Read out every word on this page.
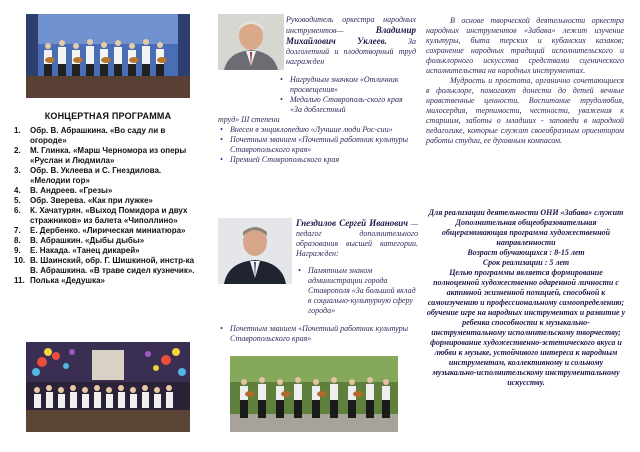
КОНЦЕРТНАЯ ПРОГРАММА
1.	Обр. В. Абрашкина. «Во саду ли в огороде»
2.	М. Глинка. «Марш Черномора из оперы «Руслан и Людмила»
3.	Обр. В. Уклеева и С. Гнездилова. «Мелодии гор»
4.	В. Андреев. «Грезы»
5.	Обр. Зверева. «Как при лужке»
6.	К. Хачатурян. «Выход Помидора и двух стражников» из балета «Чиполлино»
7.	Е. Дербенко. «Лирическая миниатюра»
8.	В. Абрашкин. «Дыбы дыбы»
9.	Е. Накада. «Танец дикарей»
10. В. Шаинский, обр. Г. Шишкиной, инстр-ка В. Абрашкина. «В траве сидел кузнечик».
11. Полька «Дедушка»
Руководитель оркестра народных инструментов—	Владимир Михайлович Уклеев.	За долголетний и плодотворный труд награжден
• Нагрудным значком «Отличник просвещения»
• Медалью Ставрополь-ского края «За доблестный
труд» III степени
• Внесен в энциклопедию «Лучшие люди Рос-сии»
• Почетным званием «Почетный работник культуры Ставропольского края»
• Премией Ставропольского края
Гнездилов Сергей Иванович — педагог дополнительного образования высшей категории. Награжден:
• Памятным знаком администрации города Ставрополя «За большой вклад в социально-культурную сферу города»
• Почетным званием «Почетный работник культуры Ставропольского края»

В основе творческой деятельности оркестра народных инструментов «Забава» лежит изучение культуры, быта терских и кубанских казаков; сохранение народных традиций исполнительского и фольклорного искусства средствами сценического исполнительства на народных инструментах.

Мудрость и простота, органично сочетающиеся в фольклоре, помогают донести до детей вечные нравственные ценности. Воспитание трудолюбия, милосердия, терпимости, честности, уважения к старшим, заботы о младших - заповеди в народной педагогике, которые служат своеобразным ориентиром работы студии, ее духовным компасом.

Для реализации деятельности ОНИ «Забава» служит
Дополнительная общеобразовательная общеразвивающая программа художественной направленности
Возраст обучающихся : 8-15 лет
Срок реализации : 5 лет
Целью программы является формирование полноценной художественно одаренной личности с активной жизненной позицией, способной к самоизучению и профессиональному самоопределению; обучение игре на народных инструментах и развитие у ребенка способности к музыкально-инструментальному исполнительскому творчеству; формирование художественно-эстетического вкуса и любви к музыке, устойчивого интереса к народным инструментам, коллективному и сольному музыкально-исполнительскому инструментальному искусству.
